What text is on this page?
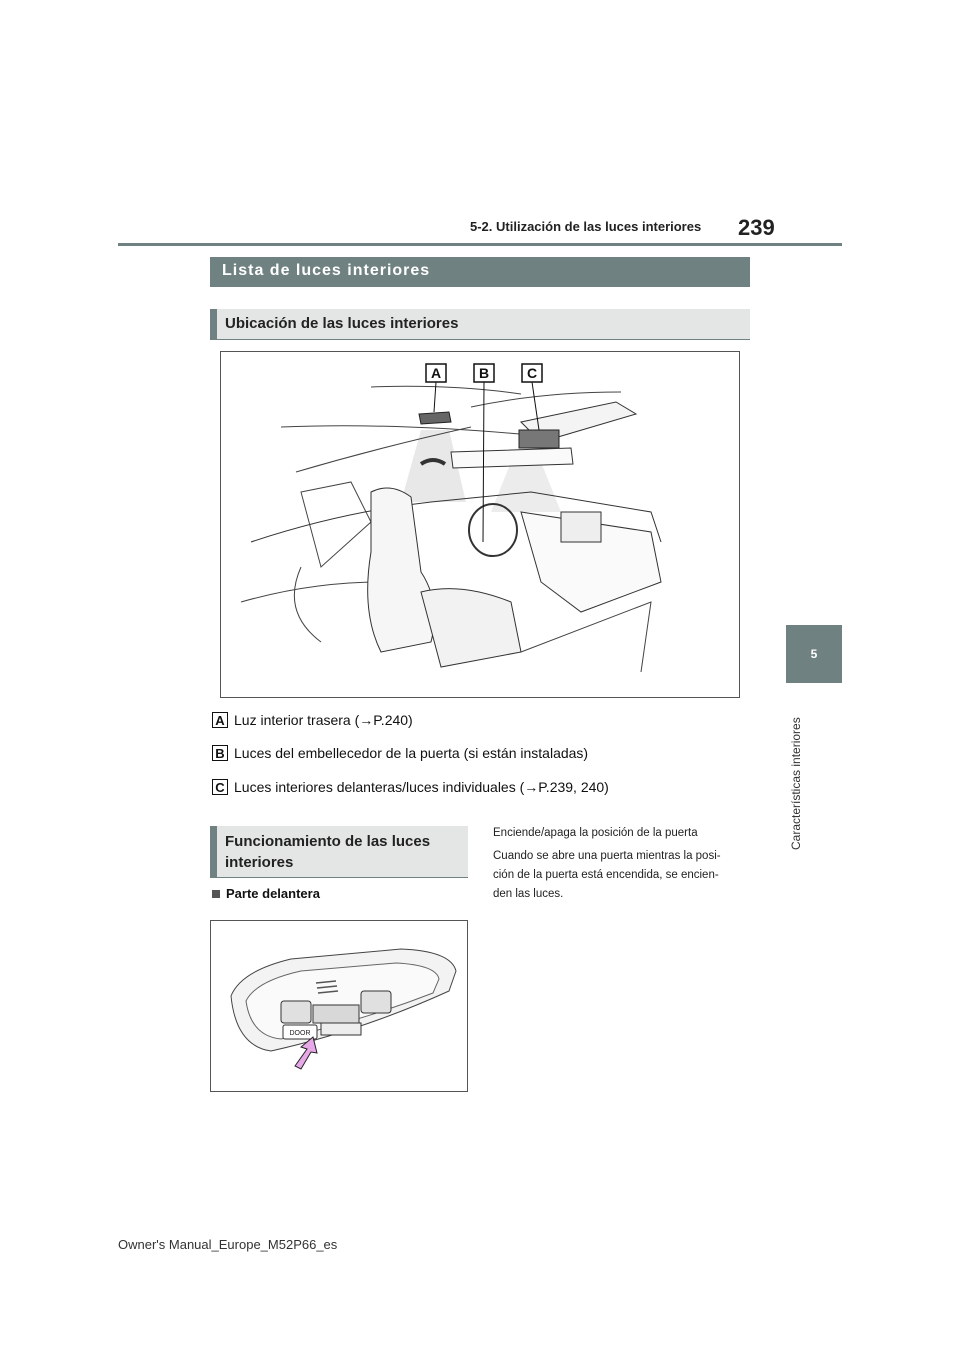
5-2. Utilización de las luces interiores 239
5
Características interiores
Lista de luces interiores
Ubicación de las luces interiores
A	B	C
A Luz interior trasera (→P.240)
B Luces del embellecedor de la puerta (si están instaladas)
C Luces interiores delanteras/luces individuales (→P.239, 240)
Funcionamiento de las luces
interiores
Parte delantera
DOOR
Enciende/apaga la posición de la puerta
Cuando se abre una puerta mientras la posi-
ción de la puerta está encendida, se encien-
den las luces.
Owner's Manual_Europe_M52P66_es
